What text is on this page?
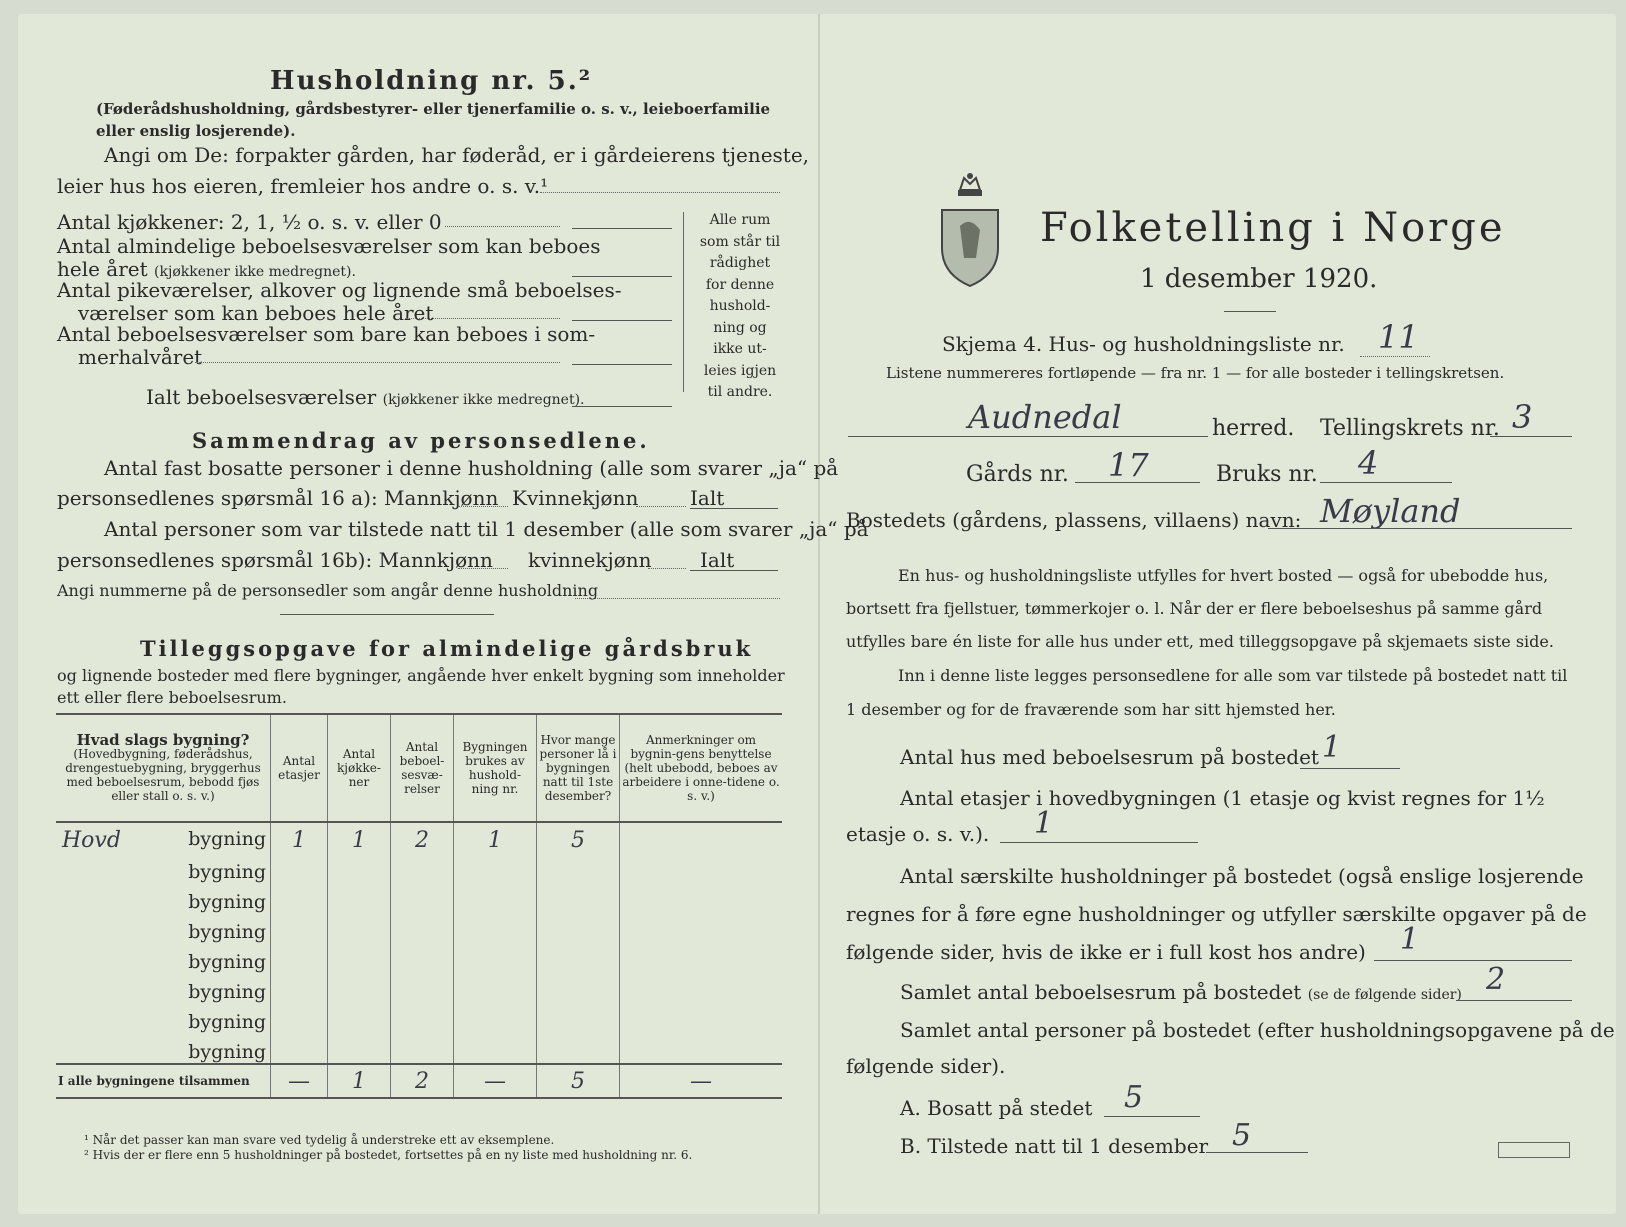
Husholdning nr. 5.²
(Føderådshusholdning, gårdsbestyrer- eller tjenerfamilie o. s. v., leieboerfamilie eller enslig losjerende).
Angi om De: forpakter gården, har føderåd, er i gårdeierens tjeneste,
leier hus hos eieren, fremleier hos andre o. s. v.¹
Antal kjøkkener: 2, 1, ½ o. s. v. eller 0
Antal almindelige beboelsesværelser som kan beboes
hele året (kjøkkener ikke medregnet).
Antal pikeværelser, alkover og lignende små beboelses-
værelser som kan beboes hele året
Antal beboelsesværelser som bare kan beboes i som-
merhalvåret
Ialt beboelsesværelser (kjøkkener ikke medregnet).
Alle rum
som står til
rådighet
for denne
hushold-
ning og
ikke ut-
leies igjen
til andre.
Sammendrag av personsedlene.
Antal fast bosatte personer i denne husholdning (alle som svarer „ja“ på
personsedlenes spørsmål 16 a): Mannkjønn Kvinnekjønn	Ialt
Antal personer som var tilstede natt til 1 desember (alle som svarer „ja“ på
personsedlenes spørsmål 16b): Mannkjønn kvinnekjønn Ialt
Angi nummerne på de personsedler som angår denne husholdning
Tilleggsopgave for almindelige gårdsbruk
og lignende bosteder med flere bygninger, angående hver enkelt bygning som inneholder
ett eller flere beboelsesrum.
Hvad slags bygning?
(Hovedbygning, føderådshus, drengestuebygning, bryggerhus med beboelsesrum, bebodd fjøs eller stall o. s. v.)	Antal etasjer	Antal kjøkke-ner	Antal beboel-sesvæ-relser	Bygningen brukes av hushold-ning nr.	Hvor mange personer lå i bygningen natt til 1ste desember?	Anmerkninger om bygnin-gens benyttelse (helt ubebodd, beboes av arbeidere i onne-tidene o. s. v.)

Hovd bygning	1	1	2	1	5	
bygning						
bygning						
bygning						
bygning						
bygning						
bygning						
bygning						
I alle bygningene tilsammen	—	1	2	—	5	—
¹ Når det passer kan man svare ved tydelig å understreke ett av eksemplene.
² Hvis der er flere enn 5 husholdninger på bostedet, fortsettes på en ny liste med husholdning nr. 6.
Folketelling i Norge
1 desember 1920.
Skjema 4. Hus- og husholdningsliste nr. 11
Listene nummereres fortløpende — fra nr. 1 — for alle bosteder i tellingskretsen.
Audnedal	herred. Tellingskrets nr. 3
Gårds nr. 17	Bruks nr. 4
Bostedets (gårdens, plassens, villaens) navn: Møyland
En hus- og husholdningsliste utfylles for hvert bosted — også for ubebodde hus,
bortsett fra fjellstuer, tømmerkojer o. l. Når der er flere beboelseshus på samme gård
utfylles bare én liste for alle hus under ett, med tilleggsopgave på skjemaets siste side.
Inn i denne liste legges personsedlene for alle som var tilstede på bostedet natt til
1 desember og for de fraværende som har sitt hjemsted her.
Antal hus med beboelsesrum på bostedet 1
Antal etasjer i hovedbygningen (1 etasje og kvist regnes for 1½
etasje o. s. v.). 1
Antal særskilte husholdninger på bostedet (også enslige losjerende
regnes for å føre egne husholdninger og utfyller særskilte opgaver på de
følgende sider, hvis de ikke er i full kost hos andre) 1
Samlet antal beboelsesrum på bostedet (se de følgende sider) 2
Samlet antal personer på bostedet (efter husholdningsopgavene på de
følgende sider).
A. Bosatt på stedet 5
B. Tilstede natt til 1 desember 5
